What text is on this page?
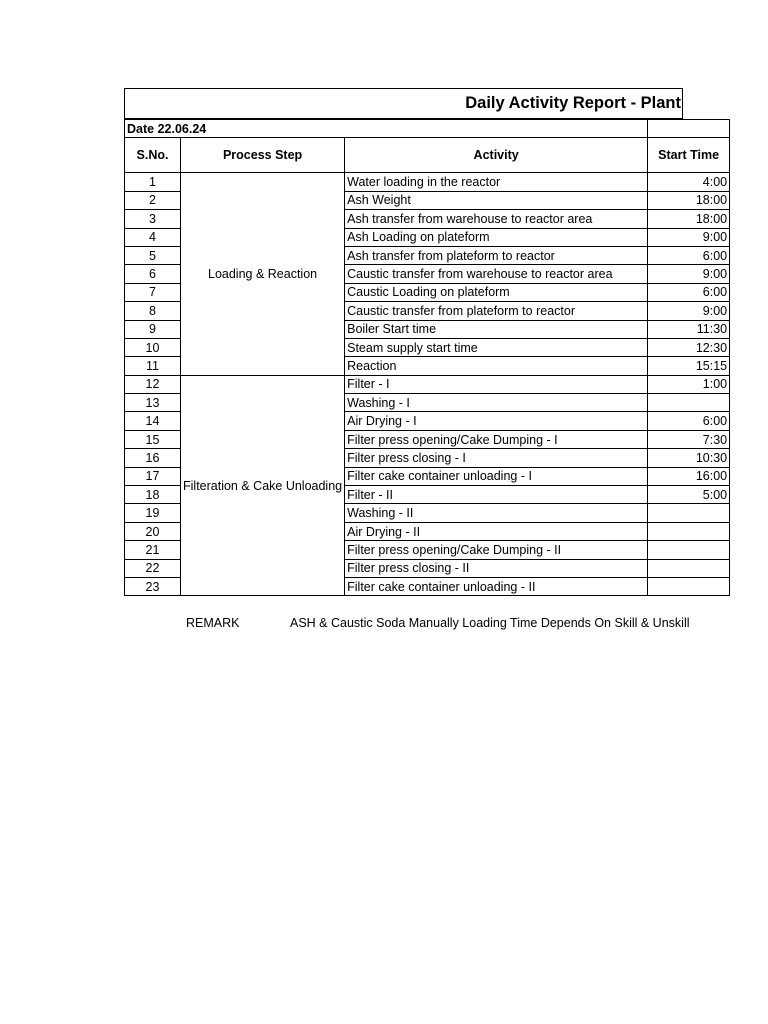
Daily Activity Report - Plant
Date 22.06.24			
S.No.	Process Step	Activity	Start Time
1	Loading & Reaction	Water loading in the reactor	4:00
2		Ash Weight	18:00
3		Ash transfer from warehouse to reactor area	18:00
4		Ash Loading on plateform	9:00
5		Ash transfer from plateform to reactor	6:00
6		Caustic transfer from warehouse to reactor area	9:00
7		Caustic Loading on plateform	6:00
8		Caustic transfer from plateform to reactor	9:00
9		Boiler Start time	11:30
10		Steam supply start time	12:30
11		Reaction	15:15
12	Filteration & Cake Unloading	Filter - I	1:00
13		Washing - I	
14		Air Drying - I	6:00
15		Filter press opening/Cake Dumping - I	7:30
16		Filter press closing - I	10:30
17		Filter cake container unloading - I	16:00
18		Filter - II	5:00
19		Washing - II	
20		Air Drying - II	
21		Filter press opening/Cake Dumping - II	
22		Filter press closing - II	
23		Filter cake container unloading - II	
REMARK	ASH & Caustic Soda Manually Loading Time Depends On Skill & Unskill
